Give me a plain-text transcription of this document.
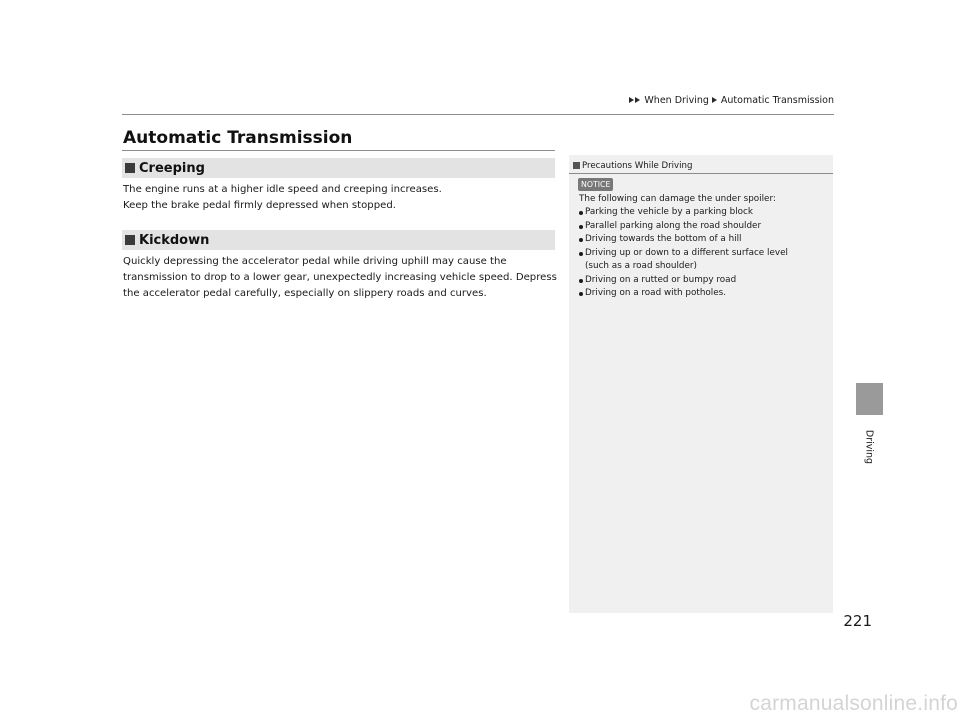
When Driving Automatic Transmission
Automatic Transmission
Creeping

The engine runs at a higher idle speed and creeping increases.
Keep the brake pedal firmly depressed when stopped.

Kickdown

Quickly depressing the accelerator pedal while driving uphill may cause the
transmission to drop to a lower gear, unexpectedly increasing vehicle speed. Depress
the accelerator pedal carefully, especially on slippery roads and curves.

Precautions While Driving
NOTICE
The following can damage the under spoiler:
Parking the vehicle by a parking block
Parallel parking along the road shoulder
Driving towards the bottom of a hill
Driving up or down to a different surface level
(such as a road shoulder)
Driving on a rutted or bumpy road
Driving on a road with potholes.
Driving
221
carmanualsonline.info
